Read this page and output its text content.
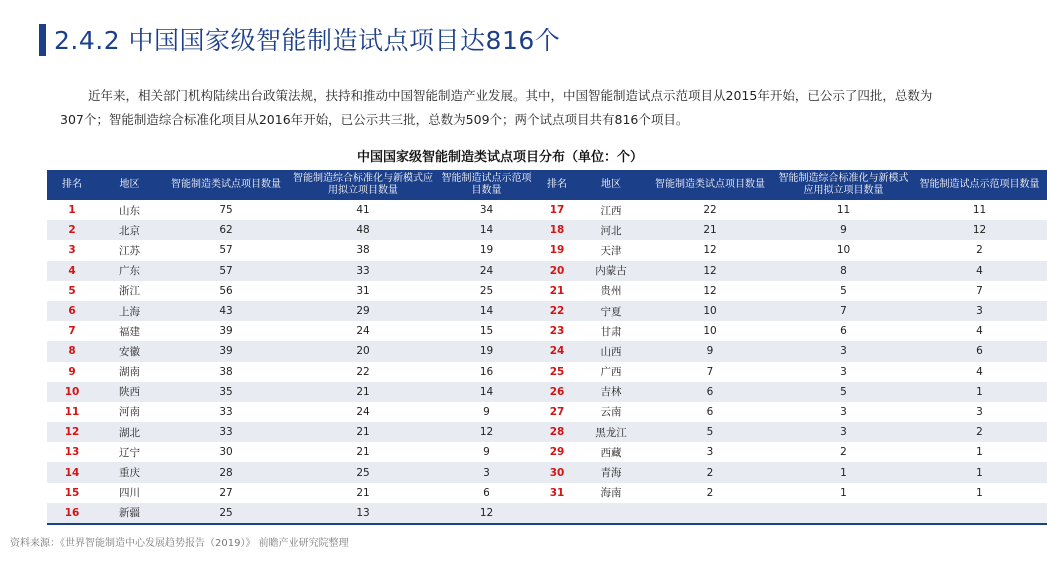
2.4.2 中国国家级智能制造试点项目达816个
近年来，相关部门机构陆续出台政策法规，扶持和推动中国智能制造产业发展。其中，中国智能制造试点示范项目从2015年开始，已公示了四批，总数为307个；智能制造综合标准化项目从2016年开始，已公示共三批，总数为509个；两个试点项目共有816个项目。
中国国家级智能制造类试点项目分布（单位：个）
排名	地区	智能制造类试点项目数量	智能制造综合标准化与新模式应用拟立项目数量	智能制造试点示范项目数量	排名	地区	智能制造类试点项目数量	智能制造综合标准化与新模式应用拟立项目数量	智能制造试点示范项目数量
1	山东	75	41	34	17	江西	22	11	11
2	北京	62	48	14	18	河北	21	9	12
3	江苏	57	38	19	19	天津	12	10	2
4	广东	57	33	24	20	内蒙古	12	8	4
5	浙江	56	31	25	21	贵州	12	5	7
6	上海	43	29	14	22	宁夏	10	7	3
7	福建	39	24	15	23	甘肃	10	6	4
8	安徽	39	20	19	24	山西	9	3	6
9	湖南	38	22	16	25	广西	7	3	4
10	陕西	35	21	14	26	吉林	6	5	1
11	河南	33	24	9	27	云南	6	3	3
12	湖北	33	21	12	28	黑龙江	5	3	2
13	辽宁	30	21	9	29	西藏	3	2	1
14	重庆	28	25	3	30	青海	2	1	1
15	四川	27	21	6	31	海南	2	1	1
16	新疆	25	13	12					

资料来源：《世界智能制造中心发展趋势报告（2019）》 前瞻产业研究院整理
